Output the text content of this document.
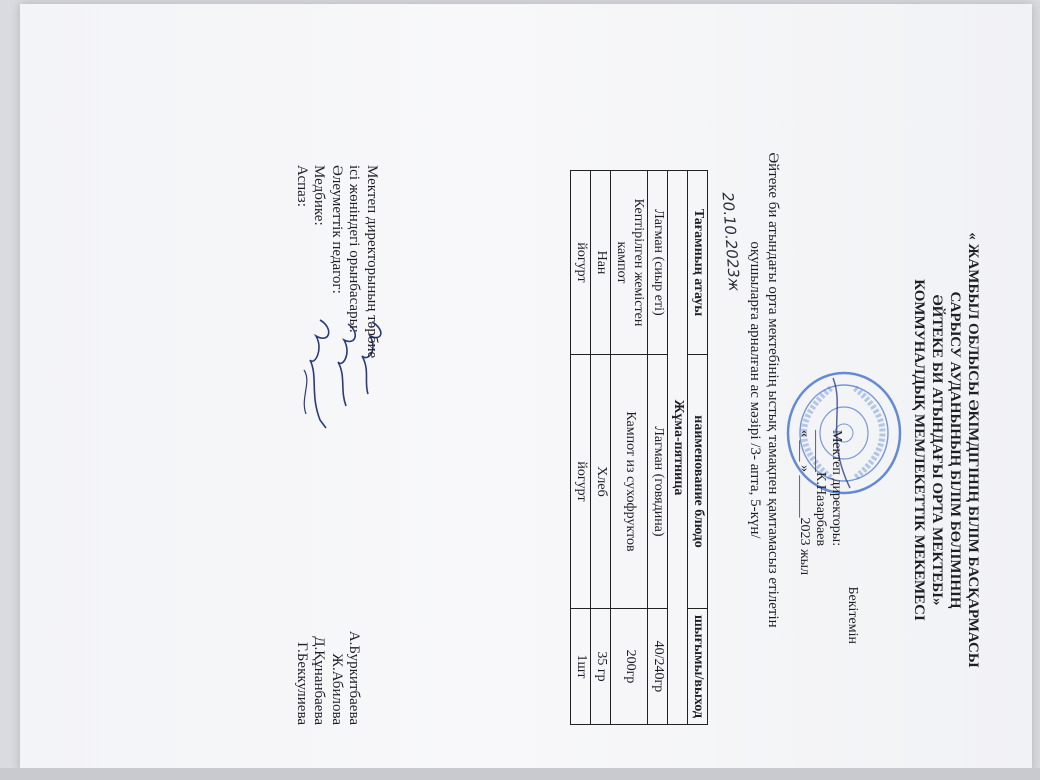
« ЖАМБЫЛ ОБЛЫСЫ ӘКІМДІГІНІҢ БІЛІМ БАСҚАРМАСЫ
САРЫСУ АУДАНЫНЫҢ БІЛІМ БӨЛІМІНІҢ
ӘЙТЕКЕ БИ АТЫНДАҒЫ ОРТА МЕКТЕБІ»
КОММУНАЛДЫҚ МЕМЛЕКЕТТІК МЕКЕМЕСІ
Бекітемін
Мектеп директоры:
______К.Назарбаев
« ___ » ______2023 жыл
Әйтеке би атындағы орта мектебінің ыстық тамақпен қамтамасыз етілетін
оқушыларға арналған ас мәзірі /3- апта, 5-күн/
20.10.2023ж
Тағамның атауы	наименование блюдо	шығымы/выход
Жұма-пятница		
Лагман (сиыр еті)	Лагман (говядина)	40/240гр
Кептірілген жемістен
кампот	Кампот из сухофруктов	200гр
Нан	Хлеб	35 гр
йогурт	йогурт	1шт
Мектеп директорының тәрбие
ісі жөніндегі орынбасары:
А.Буркитбаева
Әлеуметтік педагог:
Ж.Абилова
Медбике:
Д.Құнанбаева
Аспаз:
Г.Беккулиева
